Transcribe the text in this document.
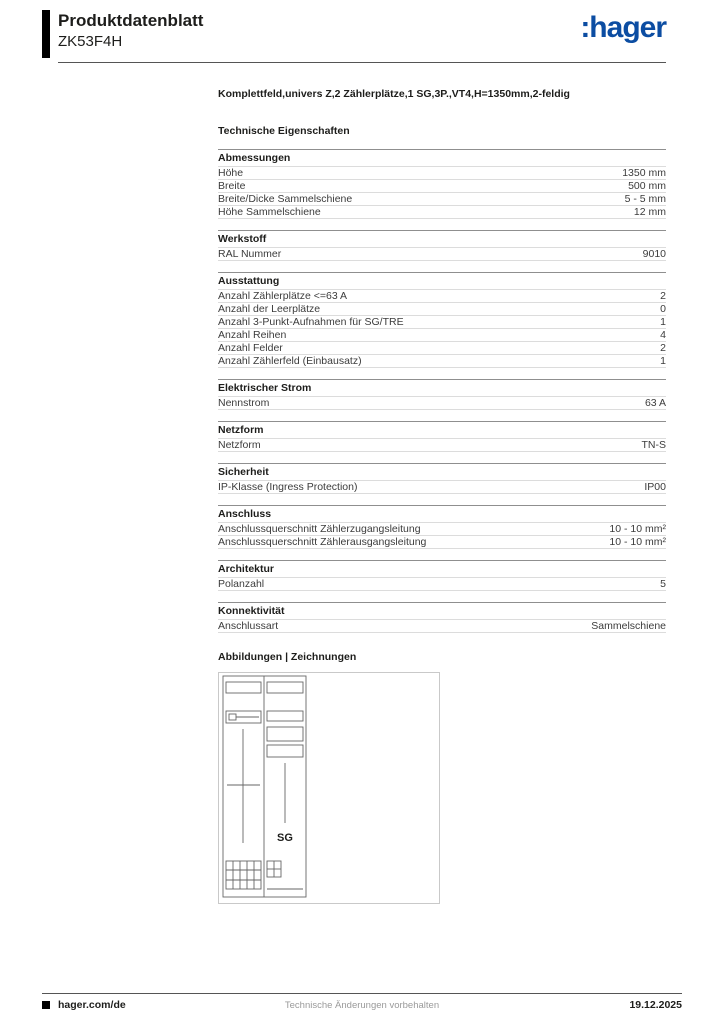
Produktdatenblatt
ZK53F4H	:hager
Komplettfeld,univers Z,2 Zählerplätze,1 SG,3P.,VT4,H=1350mm,2-feldig
Technische Eigenschaften
Abmessungen
Höhe	1350 mm
Breite	500 mm
Breite/Dicke Sammelschiene	5 - 5 mm
Höhe Sammelschiene	12 mm
Werkstoff
RAL Nummer	9010
Ausstattung
Anzahl Zählerplätze <=63 A	2
Anzahl der Leerplätze	0
Anzahl 3-Punkt-Aufnahmen für SG/TRE	1
Anzahl Reihen	4
Anzahl Felder	2
Anzahl Zählerfeld (Einbausatz)	1
Elektrischer Strom
Nennstrom	63 A
Netzform
Netzform	TN-S
Sicherheit
IP-Klasse (Ingress Protection)	IP00
Anschluss
Anschlussquerschnitt Zählerzugangsleitung	10 - 10 mm²
Anschlussquerschnitt Zählerausgangsleitung	10 - 10 mm²
Architektur
Polanzahl	5
Konnektivität
Anschlussart	Sammelschiene
Abbildungen | Zeichnungen
SG
hager.com/de	Technische Änderungen vorbehalten	19.12.2025
